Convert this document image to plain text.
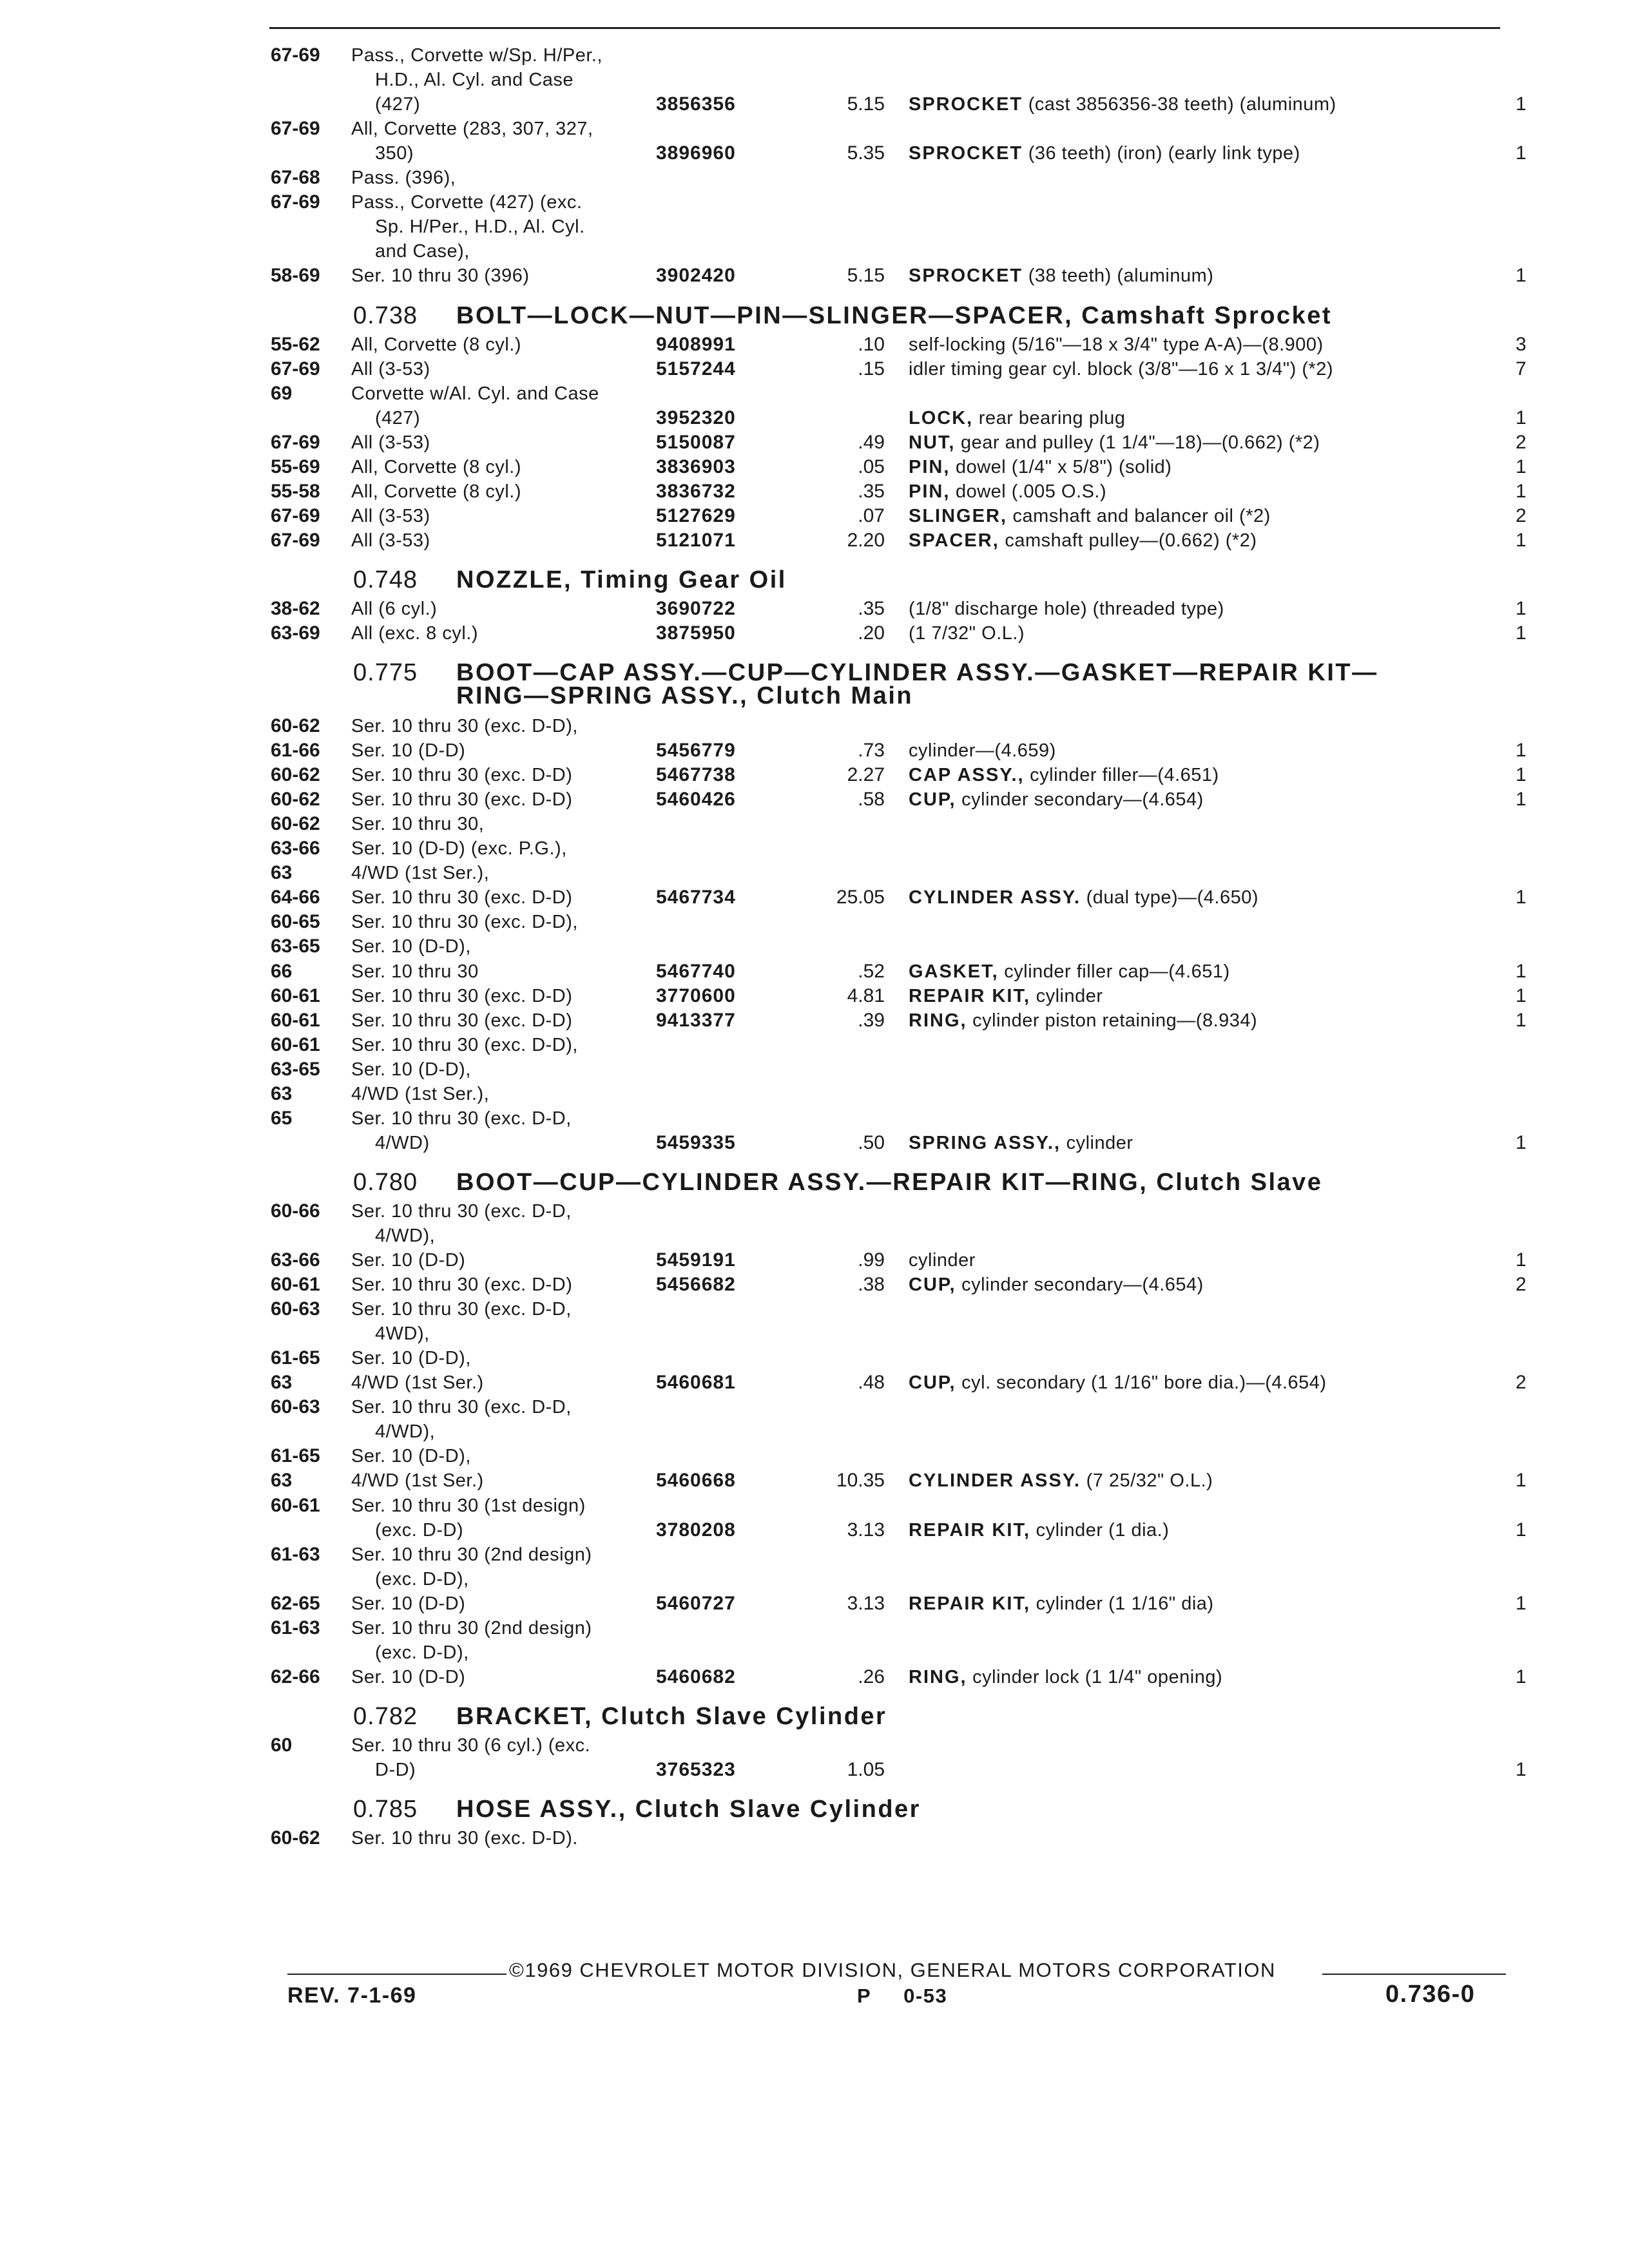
67-69 Pass., Corvette w/Sp. H/Per.,
H.D., Al. Cyl. and Case
(427)	3856356	5.15 SPROCKET (cast 3856356-38 teeth) (aluminum)	1
67-69 All, Corvette (283, 307, 327,
350)	3896960	5.35 SPROCKET (36 teeth) (iron) (early link type)	1
67-68 Pass. (396),
67-69 Pass., Corvette (427) (exc.
Sp. H/Per., H.D., Al. Cyl.
and Case),
58-69 Ser. 10 thru 30 (396)	3902420	5.15 SPROCKET (38 teeth) (aluminum)	1
0.738 BOLT—LOCK—NUT—PIN—SLINGER—SPACER, Camshaft Sprocket
55-62 All, Corvette (8 cyl.)	9408991	.10 self-locking (5/16"—18 x 3/4" type A-A)—(8.900)	3
67-69 All (3-53)	5157244	.15 idler timing gear cyl. block (3/8"—16 x 1 3/4") (*2)	7
69	Corvette w/Al. Cyl. and Case
(427)	3952320	LOCK, rear bearing plug	1
67-69 All (3-53)	5150087	.49 NUT, gear and pulley (1 1/4"—18)—(0.662) (*2)	2
55-69 All, Corvette (8 cyl.)	3836903	.05 PIN, dowel (1/4" x 5/8") (solid)	1
55-58 All, Corvette (8 cyl.)	3836732	.35 PIN, dowel (.005 O.S.)	1
67-69 All (3-53)	5127629	.07 SLINGER, camshaft and balancer oil (*2)	2
67-69 All (3-53)	5121071	2.20 SPACER, camshaft pulley—(0.662) (*2)	1
0.748 NOZZLE, Timing Gear Oil
38-62 All (6 cyl.)	3690722	.35 (1/8" discharge hole) (threaded type)	1
63-69 All (exc. 8 cyl.)	3875950	.20 (1 7/32" O.L.)	1
0.775 BOOT—CAP ASSY.—CUP—CYLINDER ASSY.—GASKET—REPAIR KIT—
RING—SPRING ASSY., Clutch Main
60-62 Ser. 10 thru 30 (exc. D-D),
61-66 Ser. 10 (D-D)	5456779	.73 cylinder—(4.659)	1
60-62 Ser. 10 thru 30 (exc. D-D)	5467738	2.27 CAP ASSY., cylinder filler—(4.651)	1
60-62 Ser. 10 thru 30 (exc. D-D)	5460426	.58 CUP, cylinder secondary—(4.654)	1
60-62 Ser. 10 thru 30,
63-66 Ser. 10 (D-D) (exc. P.G.),
63	4/WD (1st Ser.),
64-66 Ser. 10 thru 30 (exc. D-D)	5467734	25.05 CYLINDER ASSY. (dual type)—(4.650)	1
60-65 Ser. 10 thru 30 (exc. D-D),
63-65 Ser. 10 (D-D),
66	Ser. 10 thru 30	5467740	.52 GASKET, cylinder filler cap—(4.651)	1
60-61 Ser. 10 thru 30 (exc. D-D)	3770600	4.81 REPAIR KIT, cylinder	1
60-61 Ser. 10 thru 30 (exc. D-D)	9413377	.39 RING, cylinder piston retaining—(8.934)	1
60-61 Ser. 10 thru 30 (exc. D-D),
63-65 Ser. 10 (D-D),
63	4/WD (1st Ser.),
65	Ser. 10 thru 30 (exc. D-D,
4/WD)	5459335	.50 SPRING ASSY., cylinder	1
0.780 BOOT—CUP—CYLINDER ASSY.—REPAIR KIT—RING, Clutch Slave
60-66 Ser. 10 thru 30 (exc. D-D,
4/WD),
63-66 Ser. 10 (D-D)	5459191	.99 cylinder	1
60-61 Ser. 10 thru 30 (exc. D-D)	5456682	.38 CUP, cylinder secondary—(4.654)	2
60-63 Ser. 10 thru 30 (exc. D-D,
4WD),
61-65 Ser. 10 (D-D),
63	4/WD (1st Ser.)	5460681	.48 CUP, cyl. secondary (1 1/16" bore dia.)—(4.654)	2
60-63 Ser. 10 thru 30 (exc. D-D,
4/WD),
61-65 Ser. 10 (D-D),
63	4/WD (1st Ser.)	5460668	10.35 CYLINDER ASSY. (7 25/32" O.L.)	1
60-61 Ser. 10 thru 30 (1st design)
(exc. D-D)	3780208	3.13 REPAIR KIT, cylinder (1 dia.)	1
61-63 Ser. 10 thru 30 (2nd design)
(exc. D-D),
62-65 Ser. 10 (D-D)	5460727	3.13 REPAIR KIT, cylinder (1 1/16" dia)	1
61-63 Ser. 10 thru 30 (2nd design)
(exc. D-D),
62-66 Ser. 10 (D-D)	5460682	.26 RING, cylinder lock (1 1/4" opening)	1
0.782 BRACKET, Clutch Slave Cylinder
60	Ser. 10 thru 30 (6 cyl.) (exc.
D-D)	3765323	1.05	1
0.785 HOSE ASSY., Clutch Slave Cylinder
60-62 Ser. 10 thru 30 (exc. D-D).
©1969 CHEVROLET MOTOR DIVISION, GENERAL MOTORS CORPORATION
REV. 7-1-69	P     0-53	0.736-0
